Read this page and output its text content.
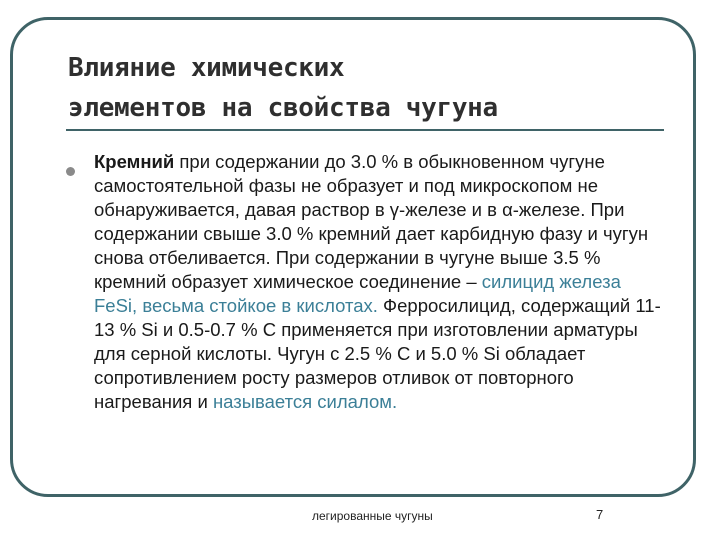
Влияние химических
элементов на свойства чугуна

Кремний при содержании до 3.0 % в обыкновенном чугуне самостоятельной фазы не образует и под микроскопом не обнаруживается, давая раствор в γ-железе и в α-железе. При содержании свыше 3.0 % кремний дает карбидную фазу и чугун снова отбеливается. При содержании в чугуне выше 3.5 % кремний образует химическое соединение – силицид железа FeSi, весьма стойкое в кислотах. Ферросилицид, содержащий 11-13 % Si и 0.5-0.7 % C применяется при изготовлении арматуры для серной кислоты. Чугун с 2.5 % C и 5.0 % Si обладает сопротивлением росту размеров отливок от повторного нагревания и называется силалом.

легированные чугуны	7
